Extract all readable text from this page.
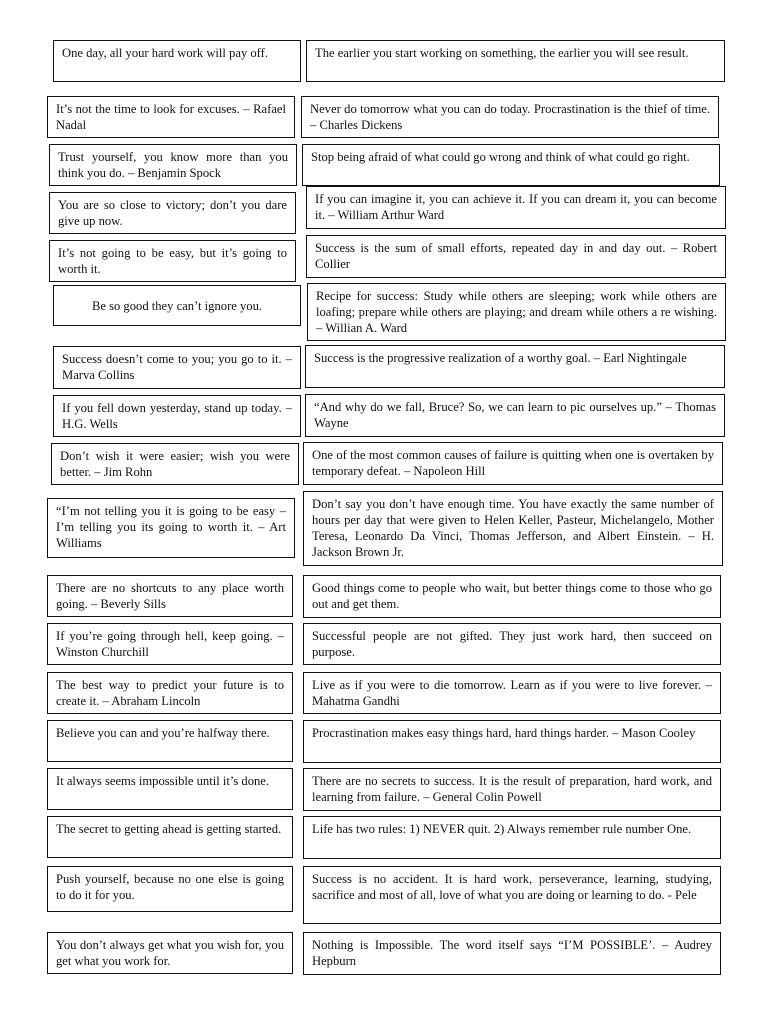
One day, all your hard work will pay off.	The earlier you start working on something, the earlier you will see result.
It’s not the time to look for excuses. – Rafael Nadal
Never do tomorrow what you can do today. Procrastination is the thief of time. – Charles Dickens
Trust yourself, you know more than you think you do. – Benjamin Spock
Stop being afraid of what could go wrong and think of what could go right.
You are so close to victory; don’t you dare give up now.
If you can imagine it, you can achieve it. If you can dream it, you can become it. – William Arthur Ward
It’s not going to be easy, but it’s going to worth it.
Success is the sum of small efforts, repeated day in and day out. – Robert Collier
Be so good they can’t ignore you.
Recipe for success: Study while others are sleeping; work while others are loafing; prepare while others are playing; and dream while others a re wishing. – Willian A. Ward
Success doesn’t come to you; you go to it. – Marva Collins
Success is the progressive realization of a worthy goal. – Earl Nightingale
If you fell down yesterday, stand up today. – H.G. Wells
“And why do we fall, Bruce? So, we can learn to pic ourselves up.” – Thomas Wayne
Don’t wish it were easier; wish you were better. – Jim Rohn
One of the most common causes of failure is quitting when one is overtaken by temporary defeat. – Napoleon Hill
“I’m not telling you it is going to be easy – I’m telling you its going to worth it. – Art Williams
Don’t say you don’t have enough time. You have exactly the same number of hours per day that were given to Helen Keller, Pasteur, Michelangelo, Mother Teresa, Leonardo Da Vinci, Thomas Jefferson, and Albert Einstein. – H. Jackson Brown Jr.
There are no shortcuts to any place worth going. – Beverly Sills
Good things come to people who wait, but better things come to those who go out and get them.
If you’re going through hell, keep going. – Winston Churchill
Successful people are not gifted. They just work hard, then succeed on purpose.
The best way to predict your future is to create it. – Abraham Lincoln
Live as if you were to die tomorrow. Learn as if you were to live forever. – Mahatma Gandhi
Believe you can and you’re halfway there.	Procrastination makes easy things hard, hard things harder. – Mason Cooley
It always seems impossible until it’s done.	There are no secrets to success. It is the result of preparation, hard work, and learning from failure. – General Colin Powell
The secret to getting ahead is getting started.	Life has two rules: 1) NEVER quit. 2) Always remember rule number One.
Push yourself, because no one else is going to do it for you.
Success is no accident. It is hard work, perseverance, learning, studying, sacrifice and most of all, love of what you are doing or learning to do. - Pele
You don’t always get what you wish for, you get what you work for.
Nothing is Impossible. The word itself says “I’M POSSIBLE’. – Audrey Hepburn
